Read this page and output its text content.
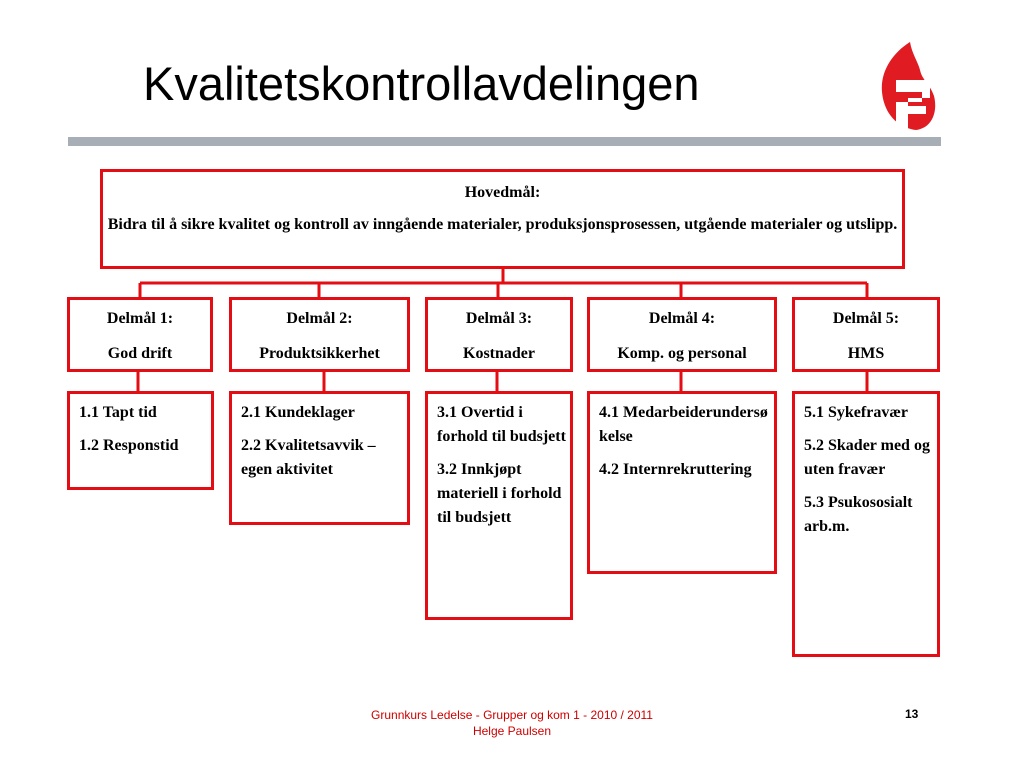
Kvalitetskontrollavdelingen

Hovedmål:

Bidra til å sikre kvalitet og kontroll av inngående materialer, produksjonsprosessen, utgående materialer og utslipp.

Delmål 1:

God drift

Delmål 2:

Produktsikkerhet

Delmål 3:

Kostnader

Delmål 4:

Komp. og personal

Delmål 5:

HMS

1.1 Tapt tid

1.2 Responstid

2.1 Kundeklager

2.2 Kvalitetsavvik – egen aktivitet

3.1 Overtid i forhold til budsjett

3.2 Innkjøpt materiell i forhold til budsjett

4.1 Medarbeiderundersøkelse

4.2 Internrekruttering

5.1 Sykefravær

5.2 Skader med og uten fravær

5.3 Psukososialt arb.m.

Grunnkurs Ledelse - Grupper og kom 1 - 2010 / 2011

Helge Paulsen

13
